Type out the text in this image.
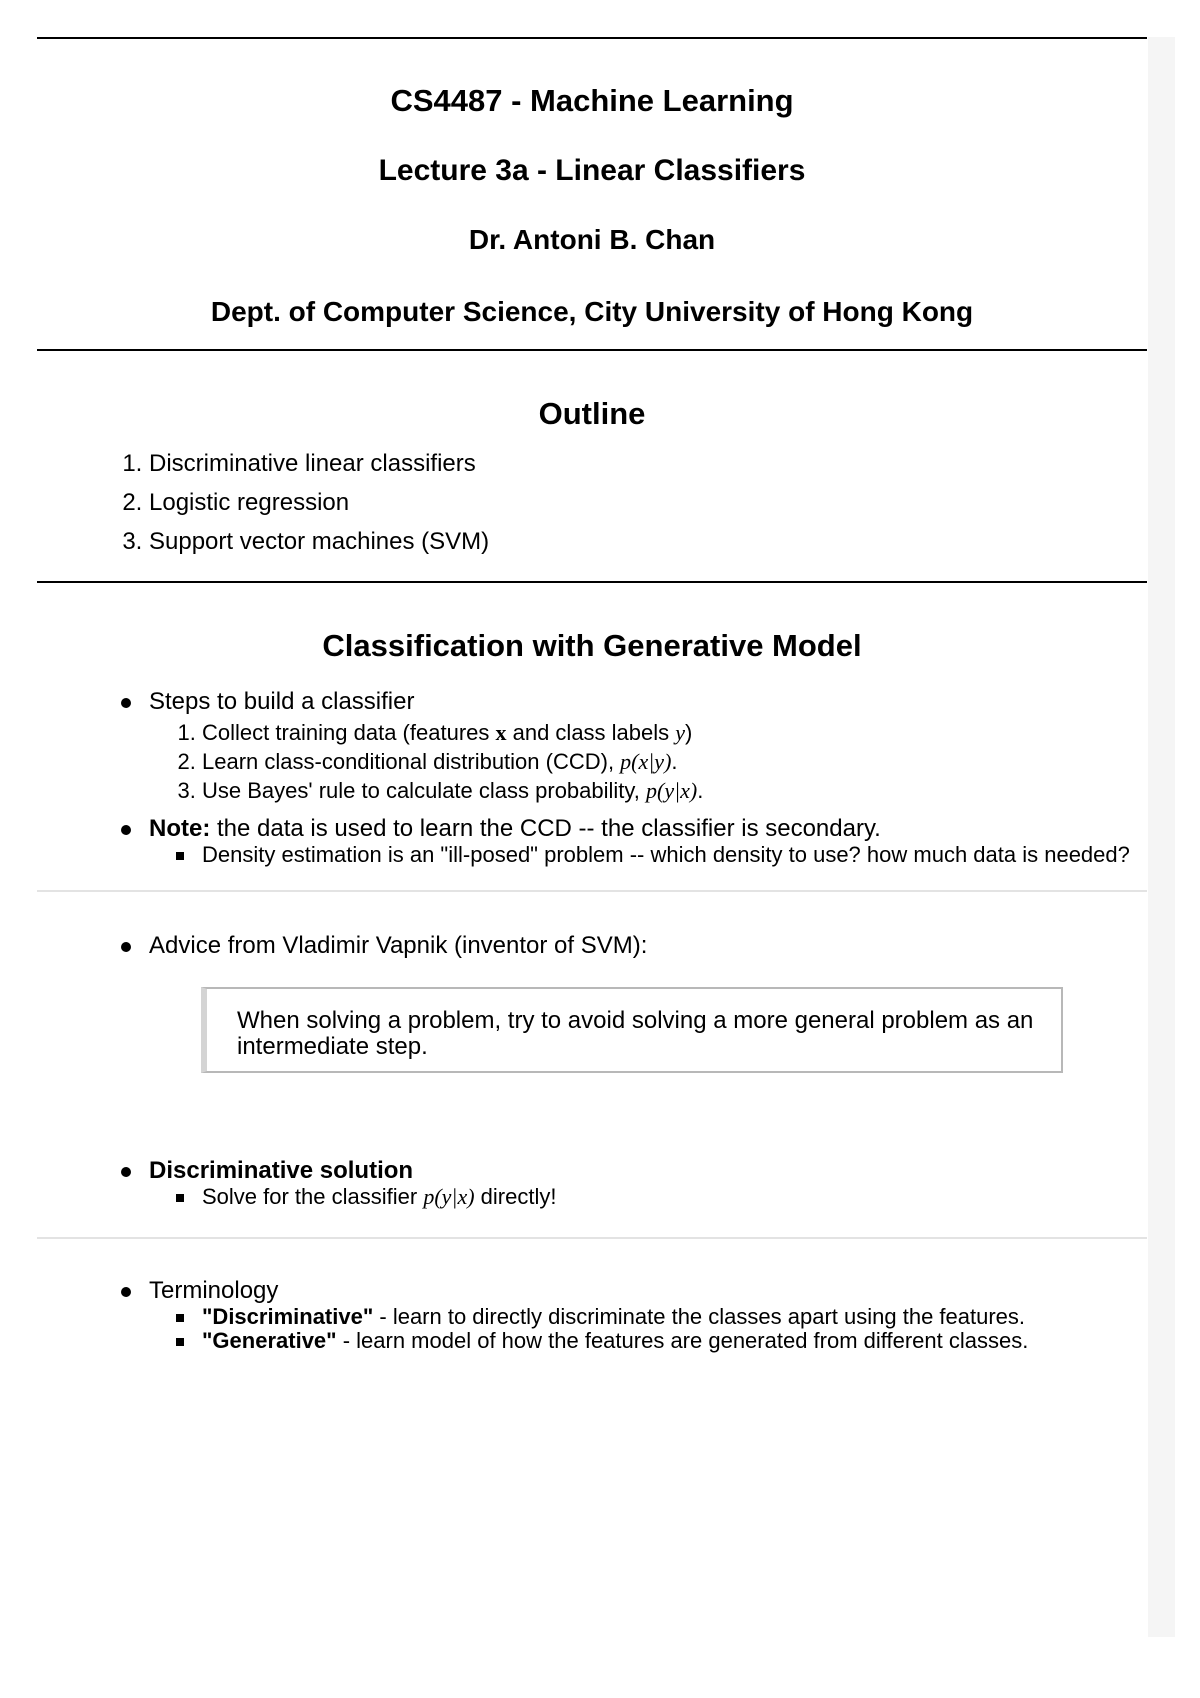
CS4487 - Machine Learning
Lecture 3a - Linear Classifiers
Dr. Antoni B. Chan
Dept. of Computer Science, City University of Hong Kong
Outline
1. Discriminative linear classifiers
2. Logistic regression
3. Support vector machines (SVM)
Classification with Generative Model
Steps to build a classifier
1. Collect training data (features x and class labels y)
2. Learn class-conditional distribution (CCD), p(x|y).
3. Use Bayes' rule to calculate class probability, p(y|x).
Note: the data is used to learn the CCD -- the classifier is secondary.
Density estimation is an "ill-posed" problem -- which density to use? how much data is needed?
Advice from Vladimir Vapnik (inventor of SVM):
When solving a problem, try to avoid solving a more general problem as an intermediate step.
Discriminative solution
Solve for the classifier p(y|x) directly!
Terminology
"Discriminative" - learn to directly discriminate the classes apart using the features.
"Generative" - learn model of how the features are generated from different classes.
